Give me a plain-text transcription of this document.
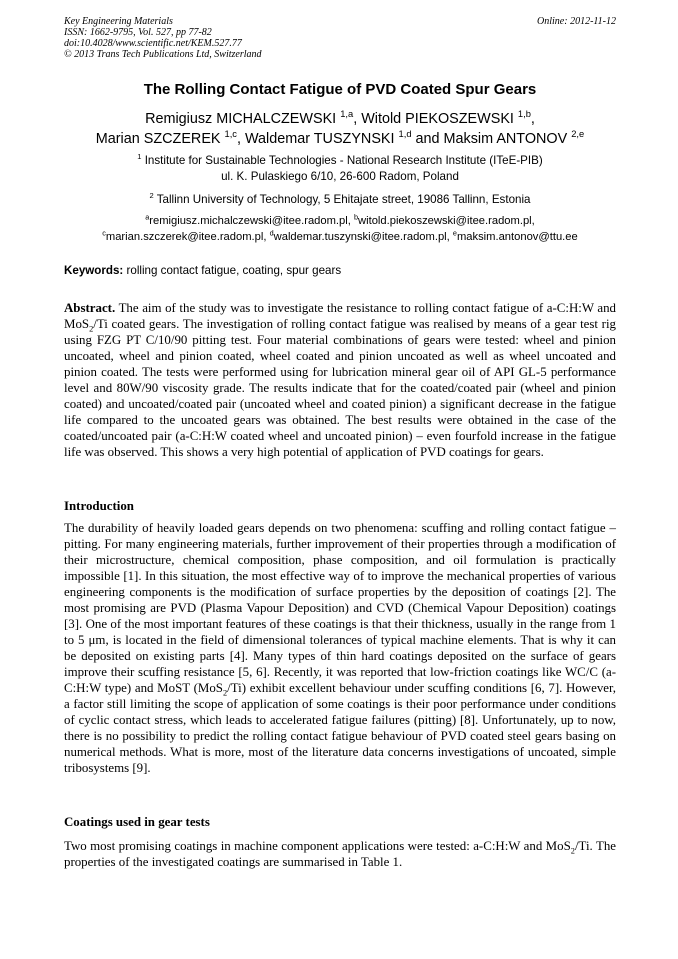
Key Engineering Materials
ISSN: 1662-9795, Vol. 527, pp 77-82
doi:10.4028/www.scientific.net/KEM.527.77
© 2013 Trans Tech Publications Ltd, Switzerland
Online: 2012-11-12
The Rolling Contact Fatigue of PVD Coated Spur Gears
Remigiusz MICHALCZEWSKI $^{1,a}$, Witold PIEKOSZEWSKI $^{1,b}$,
Marian SZCZEREK $^{1,c}$, Waldemar TUSZYNSKI $^{1,d}$ and Maksim ANTONOV $^{2,e}$
$^1$ Institute for Sustainable Technologies - National Research Institute (ITeE-PIB)
ul. K. Pulaskiego 6/10, 26-600 Radom, Poland
$^2$ Tallinn University of Technology, 5 Ehitajate street, 19086 Tallinn, Estonia
$^a$remigiusz.michalczewski@itee.radom.pl, $^b$witold.piekoszewski@itee.radom.pl,
$^c$marian.szczerek@itee.radom.pl, $^d$waldemar.tuszynski@itee.radom.pl, $^e$maksim.antonov@ttu.ee
Keywords: rolling contact fatigue, coating, spur gears
Abstract. The aim of the study was to investigate the resistance to rolling contact fatigue of a-C:H:W and MoS$_2$/Ti coated gears. The investigation of rolling contact fatigue was realised by means of a gear test rig using FZG PT C/10/90 pitting test. Four material combinations of gears were tested: wheel and pinion uncoated, wheel and pinion coated, wheel coated and pinion uncoated as well as wheel uncoated and pinion coated. The tests were performed using for lubrication mineral gear oil of API GL-5 performance level and 80W/90 viscosity grade. The results indicate that for the coated/coated pair (wheel and pinion coated) and uncoated/coated pair (uncoated wheel and coated pinion) a significant decrease in the fatigue life compared to the uncoated gears was obtained. The best results were obtained in the case of the coated/uncoated pair (a-C:H:W coated wheel and uncoated pinion) – even fourfold increase in the fatigue life was observed. This shows a very high potential of application of PVD coatings for gears.
Introduction
The durability of heavily loaded gears depends on two phenomena: scuffing and rolling contact fatigue – pitting. For many engineering materials, further improvement of their properties through a modification of their microstructure, chemical composition, phase composition, and oil formulation is practically impossible [1]. In this situation, the most effective way of to improve the mechanical properties of various engineering components is the modification of surface properties by the deposition of coatings [2]. The most promising are PVD (Plasma Vapour Deposition) and CVD (Chemical Vapour Deposition) coatings [3]. One of the most important features of these coatings is that their thickness, usually in the range from 1 to 5 μm, is located in the field of dimensional tolerances of typical machine elements. That is why it can be deposited on existing parts [4]. Many types of thin hard coatings deposited on the surface of gears improve their scuffing resistance [5, 6]. Recently, it was reported that low-friction coatings like WC/C (a-C:H:W type) and MoST (MoS$_2$/Ti) exhibit excellent behaviour under scuffing conditions [6, 7]. However, a factor still limiting the scope of application of some coatings is their poor performance under conditions of cyclic contact stress, which leads to accelerated fatigue failures (pitting) [8]. Unfortunately, up to now, there is no possibility to predict the rolling contact fatigue behaviour of PVD coated steel gears basing on numerical methods. What is more, most of the literature data concerns investigations of uncoated, simple tribosystems [9].
Coatings used in gear tests
Two most promising coatings in machine component applications were tested: a-C:H:W and MoS$_2$/Ti. The properties of the investigated coatings are summarised in Table 1.
